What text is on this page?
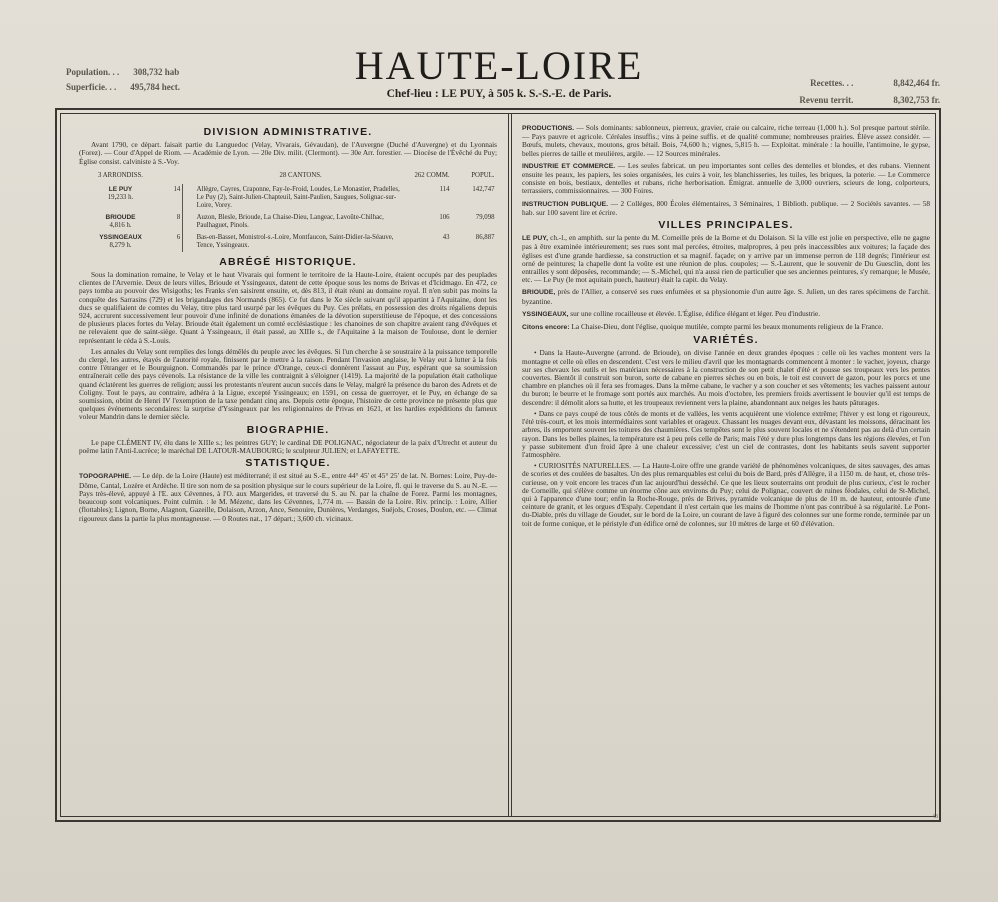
Population. . . 308,732 hab
Superficie. . . 495,784 hect.	Recettes. . .	8,842,464 fr.
Revenu territ.	8,302,753 fr.
HAUTE-LOIRE
Chef-lieu : LE PUY, à 505 k. S.-S.-E. de Paris.
DIVISION ADMINISTRATIVE.

Avant 1790, ce départ. faisait partie du Languedoc (Velay, Vivarais, Gévaudan), de l'Auvergne (Duché d'Auvergne) et du Lyonnais (Forez). — Cour d'Appel de Riom. — Académie de Lyon. — 20e Div. milit. (Clermont). — 30e Arr. forestier. — Diocèse de l'Évêché du Puy; Église consist. calviniste à S.-Voy.

3 ARRONDISS.			28 CANTONS.	262 COMM.	POPUL.

LE PUY
19,233 h.	14		Allègre, Cayres, Craponne, Fay-le-Froid, Loudes, Le Monastier, Pradelles, Le Puy (2), Saint-Julien-Chapteuil, Saint-Paulien, Saugues, Solignac-sur-Loire, Vorey.	114	142,747

BRIOUDE
4,816 h.	8		Auzon, Blesle, Brioude, La Chaise-Dieu, Langeac, Lavoûte-Chilhac, Paulhaguet, Pinols.	106	79,098

YSSINGEAUX
8,279 h.	6		Bas-en-Basset, Monistrol-s.-Loire, Montfaucon, Saint-Didier-la-Séauve, Tence, Yssingeaux.	43	86,887
ABRÉGÉ HISTORIQUE.

Sous la domination romaine, le Velay et le haut Vivarais qui forment le territoire de la Haute-Loire, étaient occupés par des peuplades clientes de l'Arvernie. Deux de leurs villes, Brioude et Yssingeaux, datent de cette époque sous les noms de Brivas et d'Icidmago. En 472, ce pays tomba au pouvoir des Wisigoths; les Franks s'en saisirent ensuite, et, dès 813, il était réuni au domaine royal. Il n'en subit pas moins la conquête des Sarrasins (729) et les brigandages des Normands (865). Ce fut dans le Xe siècle suivant qu'il appartint à l'Aquitaine, dont les ducs se qualifiaient de comtes du Velay, titre plus tard usurpé par les évêques du Puy. Ces prélats, en possession des droits régaliens depuis 924, accrurent successivement leur pouvoir d'une infinité de donations émanées de la dévotion superstitieuse de l'époque, et des concessions de plusieurs places fortes du Velay. Brioude était également un comté ecclésiastique : les chanoines de son chapitre avaient rang d'évêques et ne relevaient que de saint-siège. Quant à Yssingeaux, il était passé, au XIIIe s., de l'Aquitaine à la maison de Toulouse, dont le dernier représentant le céda à S.-Louis.

Les annales du Velay sont remplies des longs démêlés du peuple avec les évêques. Si l'un cherche à se soustraire à la puissance temporelle du clergé, les autres, étayés de l'autorité royale, finissent par le mettre à la raison. Pendant l'invasion anglaise, le Velay eut à lutter à la fois contre l'étranger et le Bourguignon. Commandés par le prince d'Orange, ceux-ci donnèrent l'assaut au Puy, espérant que sa soumission entraînerait celle des pays cévenols. La résistance de la ville les contraignit à s'éloigner (1419). La majorité de la population était catholique quand éclatèrent les guerres de religion; aussi les protestants n'eurent aucun succès dans le Velay, malgré la présence du baron des Adrets et de Coligny. Tout le pays, au contraire, adhéra à la Ligue, excepté Yssingeaux; en 1591, on cessa de guerroyer, et le Puy, en échange de sa soumission, obtint de Henri IV l'exemption de la taxe pendant cinq ans. Depuis cette époque, l'histoire de cette province ne présente plus que quelques événements secondaires: la surprise d'Yssingeaux par les religionnaires de Privas en 1621, et les hardies expéditions du fameux voleur Mandrin dans le dernier siècle.

BIOGRAPHIE.

Le pape CLÉMENT IV, élu dans le XIIIe s.; les peintres GUY; le cardinal DE POLIGNAC, négociateur de la paix d'Utrecht et auteur du poëme latin l'Anti-Lucrèce; le maréchal DE LATOUR-MAUBOURG; le sculpteur JULIEN; et LAFAYETTE.

STATISTIQUE.

TOPOGRAPHIE. — Le dép. de la Loire (Haute) est méditerrané; il est situé au S.-E., entre 44° 45' et 45° 25' de lat. N. Bornes: Loire, Puy-de-Dôme, Cantal, Lozère et Ardèche. Il tire son nom de sa position physique sur le cours supérieur de la Loire, fl. qui le traverse du S. au N.-E. — Pays très-élevé, appuyé à l'E. aux Cévennes, à l'O. aux Margerides, et traversé du S. au N. par la chaîne de Forez. Parmi les montagnes, beaucoup sont volcaniques. Point culmin. : le M. Mézenc, dans les Cévennes, 1,774 m. — Bassin de la Loire. Riv. princip. : Loire, Allier (flottables); Lignon, Borne, Alagnon, Gazeille, Dolaison, Arzon, Ance, Senouire, Dunières, Verdanges, Suéjols, Croses, Doulon, etc. — Climat rigoureux dans la partie la plus montagneuse. — 0 Routes nat., 17 départ.; 3,600 ch. vicinaux.

PRODUCTIONS. — Sols dominants: sablonneux, pierreux, gravier, craie ou calcaire, riche terreau (1,000 h.). Sol presque partout stérile. — Pays pauvre et agricole. Céréales insuffis.; vins à peine suffis. et de qualité commune; nombreuses prairies. Élève assez considér. — Bœufs, mulets, chevaux, moutons, gros bétail. Bois, 74,600 h.; vignes, 5,815 h. — Exploitat. minérale : la houille, l'antimoine, le gypse, belles pierres de taille et meulières, argile. — 12 Sources minérales.

INDUSTRIE ET COMMERCE. — Les seules fabricat. un peu importantes sont celles des dentelles et blondes, et des rubans. Viennent ensuite les peaux, les papiers, les soies organisées, les cuirs à voir, les blanchisseries, les tuiles, les briques, la poterie. — Le Commerce consiste en bois, bestiaux, dentelles et rubans, riche herborisation. Émigrat. annuelle de 3,000 ouvriers, scieurs de long, colporteurs, terrassiers, commissionnaires. — 300 Foires.

INSTRUCTION PUBLIQUE. — 2 Colléges, 800 Écoles élémentaires, 3 Séminaires, 1 Biblioth. publique. — 2 Sociétés savantes. — 58 hab. sur 100 savent lire et écrire.

VILLES PRINCIPALES.

LE PUY, ch.-l., en amphith. sur la pente du M. Corneille près de la Borne et du Dolaison. Si la ville est jolie en perspective, elle ne gagne pas à être examinée intérieurement; ses rues sont mal percées, étroites, malpropres, à peu près inaccessibles aux voitures; la façade des églises est d'une grande hardiesse, sa construction et sa magnif. façade; on y arrive par un immense perron de 118 degrés; l'intérieur est orné de peintures; la chapelle dont la voûte est une réunion de plus. coupoles; — S.-Laurent, que le souvenir de Du Guesclin, dont les entrailles y sont déposées, recommande; — S.-Michel, qui n'a aussi rien de particulier que ses anciennes peintures, s'y remarque; le Musée, etc. — Le Puy (le mot aquitain puech, hauteur) était la capit. du Velay.

BRIOUDE, près de l'Allier, a conservé ses rues enfumées et sa physionomie d'un autre âge. S. Julien, un des rares spécimens de l'archit. byzantine.

YSSINGEAUX, sur une colline rocailleuse et élevée. L'Église, édifice élégant et léger. Peu d'industrie.

Citons encore: La Chaise-Dieu, dont l'église, quoique mutilée, compte parmi les beaux monuments religieux de la France.

VARIÉTÉS.

• Dans la Haute-Auvergne (arrond. de Brioude), on divise l'année en deux grandes époques : celle où les vaches montent vers la montagne et celle où elles en descendent. C'est vers le milieu d'avril que les montagnards commencent à monter : le vacher, joyeux, charge sur ses chevaux les outils et les matériaux nécessaires à la construction de son petit chalet d'été et pousse ses troupeaux vers les pentes couvertes. Bientôt il construit son buron, sorte de cabane en pierres sèches ou en bois, le toit est couvert de gazon, pour les porcs et une chambre en planches où il fera ses fromages. Dans la même cabane, le vacher y a son coucher et ses vêtements; les vaches paissent autour du buron; le beurre et le fromage sont portés aux marchés. Au mois d'octobre, les premiers froids avertissent le bouvier qu'il est temps de descendre: il démolit alors sa hutte, et les troupeaux reviennent vers la plaine, abandonnant aux neiges les hauts pâturages.

• Dans ce pays coupé de tous côtés de monts et de vallées, les vents acquièrent une violence extrême; l'hiver y est long et rigoureux, l'été très-court, et les mois intermédiaires sont variables et orageux. Chassant les nuages devant eux, dévastant les moissons, déracinant les arbres, ils emportent souvent les toitures des chaumières. Ces tempêtes sont le plus souvent locales et ne s'étendent pas au delà d'un certain rayon. Dans les belles plaines, la température est à peu près celle de Paris; mais l'été y dure plus longtemps dans les régions élevées, et l'on y passe subitement d'un froid âpre à une chaleur excessive; c'est un ciel de contrastes, dont les habitants seuls savent supporter l'atmosphère.

• CURIOSITÉS NATURELLES. — La Haute-Loire offre une grande variété de phénomènes volcaniques, de sites sauvages, des amas de scories et des coulées de basaltes. Un des plus remarquables est celui du bois de Bard, près d'Allègre, il a 1150 m. de haut, et, chose très-curieuse, on y voit encore les traces d'un lac aujourd'hui desséché. Ce que les lieux souterrains ont produit de plus curieux, c'est le rocher de Corneille, qui s'élève comme un énorme cône aux environs du Puy; celui de Polignac, couvert de ruines féodales, celui de St-Michel, qui à l'apparence d'une tour; enfin la Roche-Rouge, près de Brives, pyramide volcanique de plus de 10 m. de hauteur, entourée d'une ceinture de granit, et les orgues d'Espaly. Cependant il n'est certain que les mains de l'homme n'ont pas contribué à sa régularité. Le Pont-du-Diable, près du village de Goudet, sur le bord de la Loire, un courant de lave à figuré des colonnes sur une forme ronde, terminée par un toit de forme conique, et le péristyle d'un édifice orné de colonnes, sur 10 mètres de large et 60 d'élévation.

43
